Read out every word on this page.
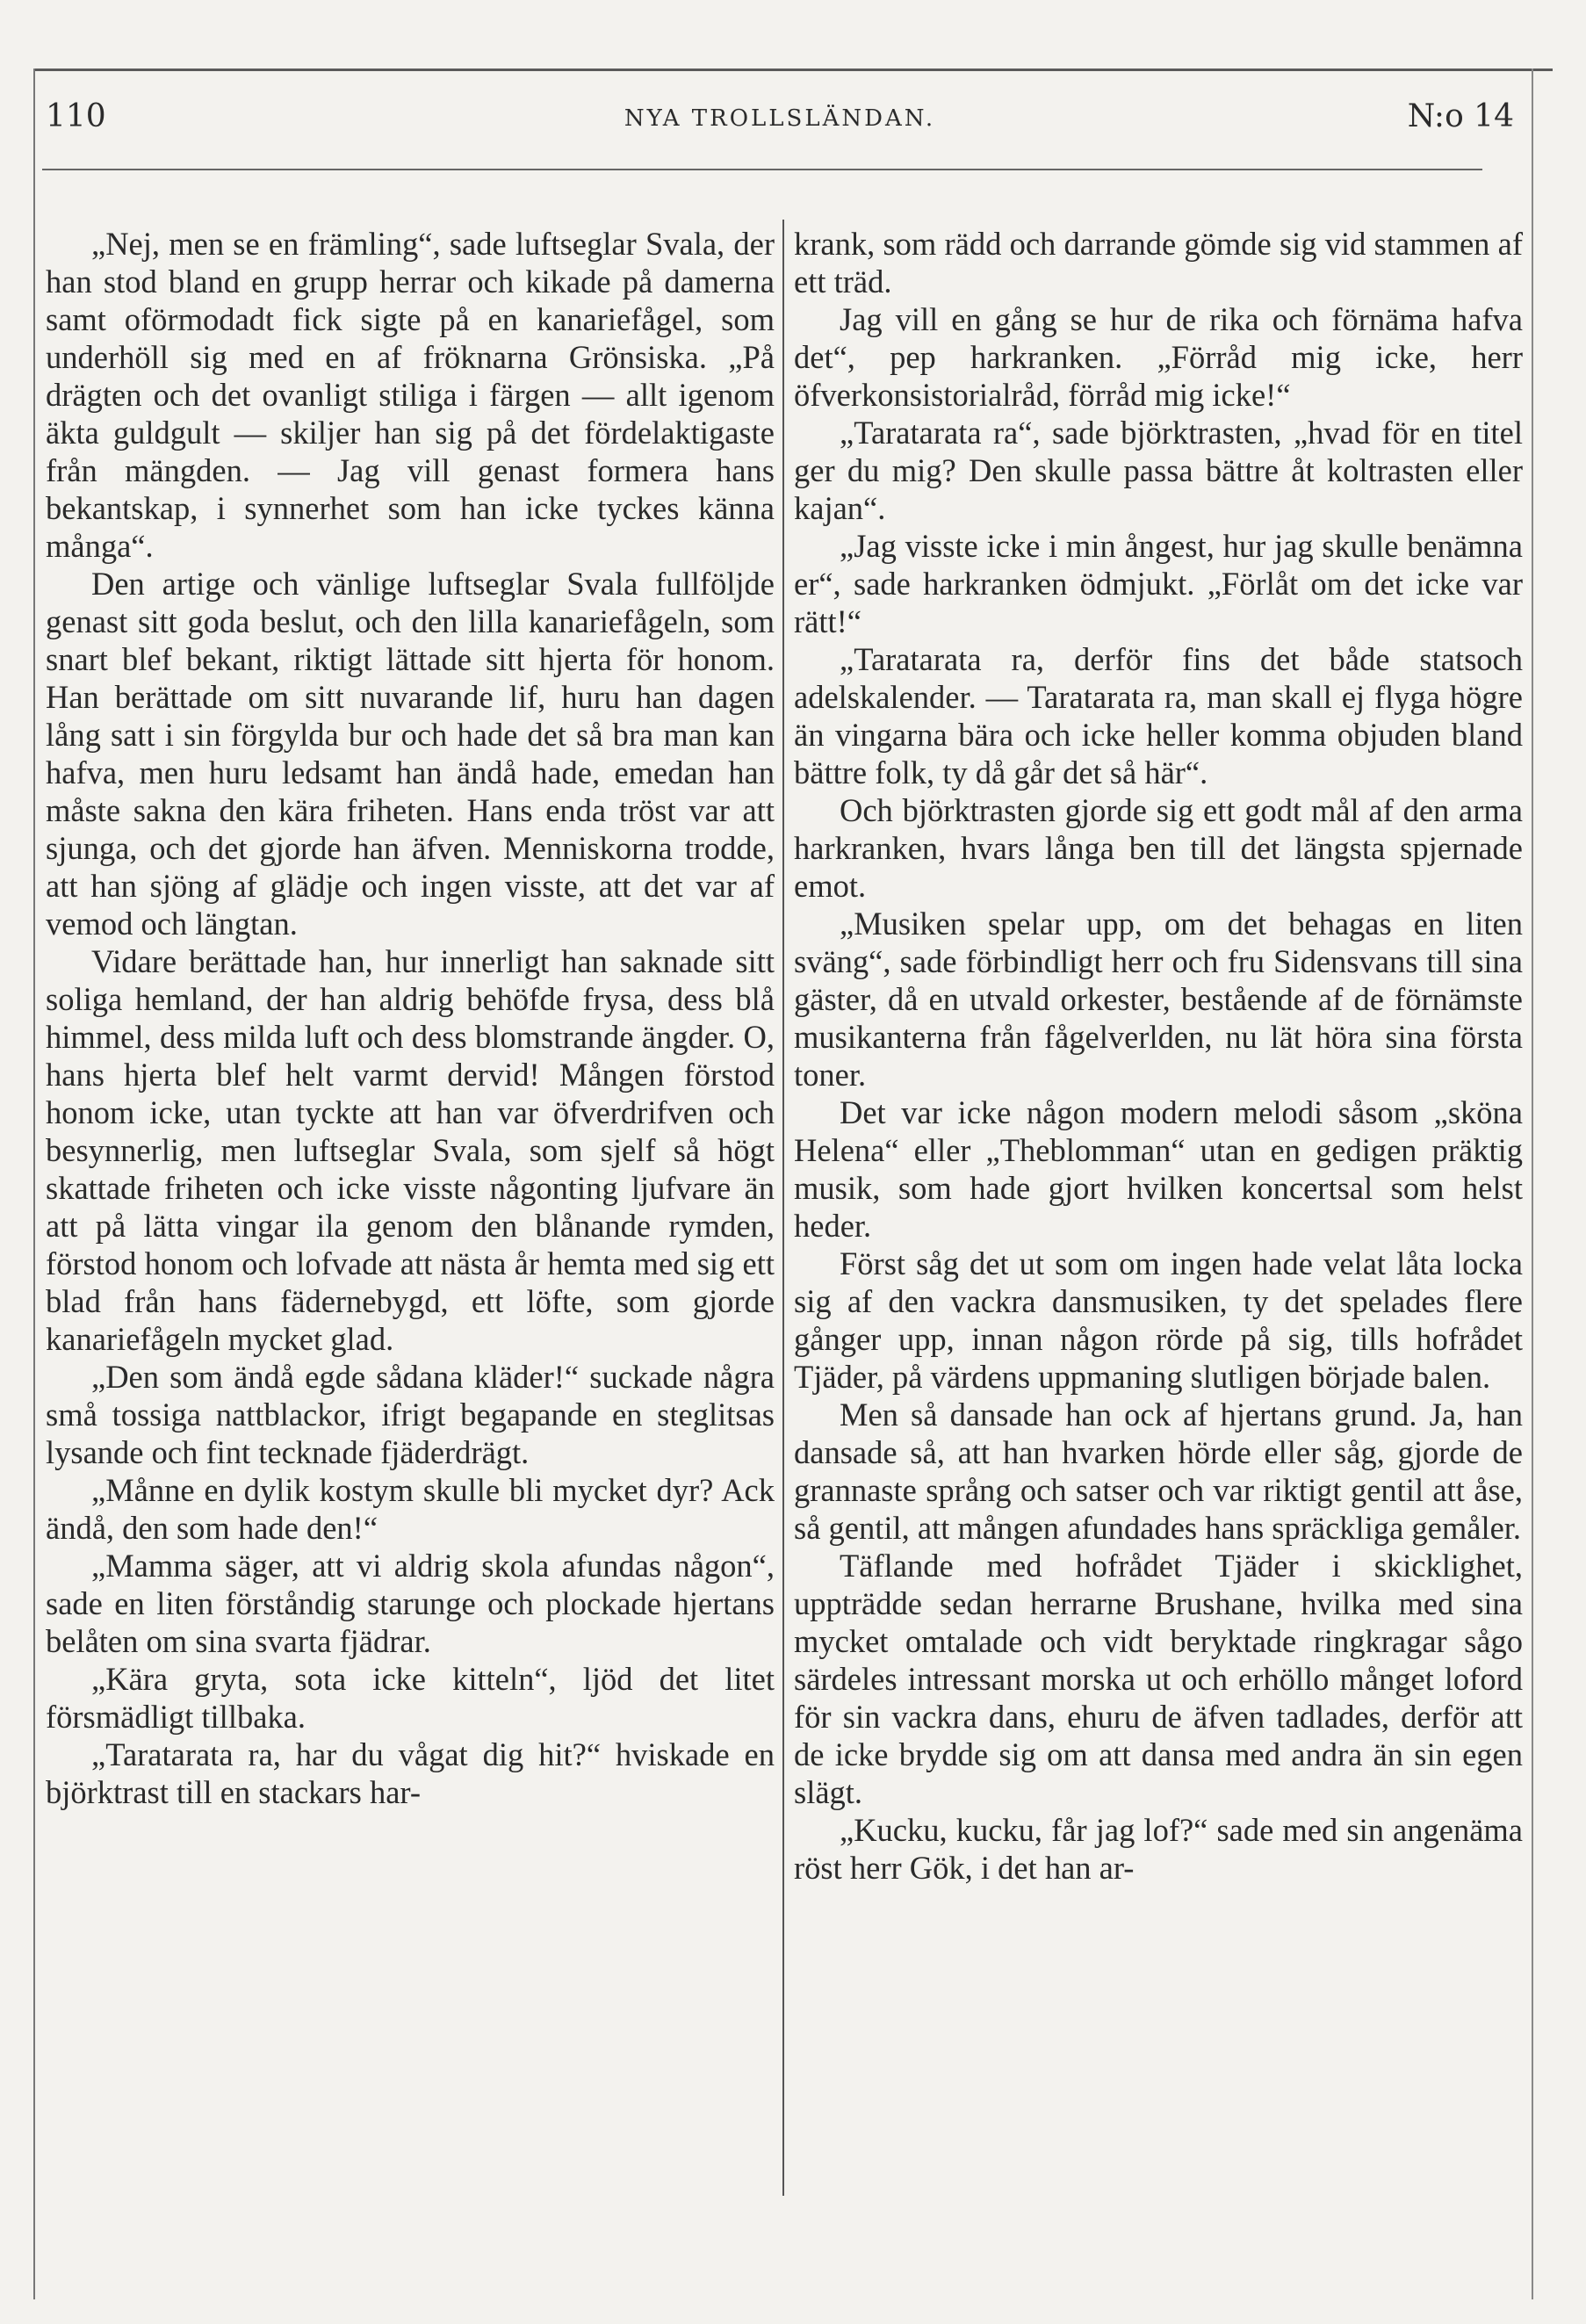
110	NYA TROLLSLÄNDAN.	N:o 14

„Nej, men se en främling“, sade luftseglar Svala, der han stod bland en grupp herrar och kikade på damerna samt oförmodadt fick sigte på en kanariefågel, som underhöll sig med en af fröknarna Grönsiska. „På drägten och det ovanligt stiliga i färgen — allt igenom äkta guldgult — skiljer han sig på det fördelaktigaste från mängden. — Jag vill genast formera hans bekantskap, i synnerhet som han icke tyckes känna många“.

Den artige och vänlige luftseglar Svala fullföljde genast sitt goda beslut, och den lilla kanariefågeln, som snart blef bekant, riktigt lättade sitt hjerta för honom. Han berättade om sitt nuvarande lif, huru han dagen lång satt i sin förgylda bur och hade det så bra man kan hafva, men huru ledsamt han ändå hade, emedan han måste sakna den kära friheten. Hans enda tröst var att sjunga, och det gjorde han äfven. Menniskorna trodde, att han sjöng af glädje och ingen visste, att det var af vemod och längtan.

Vidare berättade han, hur innerligt han saknade sitt soliga hemland, der han aldrig behöfde frysa, dess blå himmel, dess milda luft och dess blomstrande ängder. O, hans hjerta blef helt varmt dervid! Mången förstod honom icke, utan tyckte att han var öfverdrifven och besynnerlig, men luftseglar Svala, som sjelf så högt skattade friheten och icke visste någonting ljufvare än att på lätta vingar ila genom den blånande rymden, förstod honom och lofvade att nästa år hemta med sig ett blad från hans fädernebygd, ett löfte, som gjorde kanariefågeln mycket glad.

„Den som ändå egde sådana kläder!“ suckade några små tossiga nattblackor, ifrigt begapande en steglitsas lysande och fint tecknade fjäderdrägt.

„Månne en dylik kostym skulle bli mycket dyr? Ack ändå, den som hade den!“

„Mamma säger, att vi aldrig skola afundas någon“, sade en liten förståndig starunge och plockade hjertans belåten om sina svarta fjädrar.

„Kära gryta, sota icke kitteln“, ljöd det litet försmädligt tillbaka.

„Taratarata ra, har du vågat dig hit?“ hviskade en björktrast till en stackars har-

krank, som rädd och darrande gömde sig vid stammen af ett träd.

Jag vill en gång se hur de rika och förnäma hafva det“, pep harkranken. „Förråd mig icke, herr öfverkonsistorialråd, förråd mig icke!“

„Taratarata ra“, sade björktrasten, „hvad för en titel ger du mig? Den skulle passa bättre åt koltrasten eller kajan“.

„Jag visste icke i min ångest, hur jag skulle benämna er“, sade harkranken ödmjukt. „Förlåt om det icke var rätt!“

„Taratarata ra, derför fins det både statsoch adelskalender. — Taratarata ra, man skall ej flyga högre än vingarna bära och icke heller komma objuden bland bättre folk, ty då går det så här“.

Och björktrasten gjorde sig ett godt mål af den arma harkranken, hvars långa ben till det längsta spjernade emot.

„Musiken spelar upp, om det behagas en liten sväng“, sade förbindligt herr och fru Sidensvans till sina gäster, då en utvald orkester, bestående af de förnämste musikanterna från fågelverlden, nu lät höra sina första toner.

Det var icke någon modern melodi såsom „sköna Helena“ eller „Theblomman“ utan en gedigen präktig musik, som hade gjort hvilken koncertsal som helst heder.

Först såg det ut som om ingen hade velat låta locka sig af den vackra dansmusiken, ty det spelades flere gånger upp, innan någon rörde på sig, tills hofrådet Tjäder, på värdens uppmaning slutligen började balen.

Men så dansade han ock af hjertans grund. Ja, han dansade så, att han hvarken hörde eller såg, gjorde de grannaste språng och satser och var riktigt gentil att åse, så gentil, att mången afundades hans spräckliga gemåler.

Täflande med hofrådet Tjäder i skicklighet, uppträdde sedan herrarne Brushane, hvilka med sina mycket omtalade och vidt beryktade ringkragar sågo särdeles intressant morska ut och erhöllo månget loford för sin vackra dans, ehuru de äfven tadlades, derför att de icke brydde sig om att dansa med andra än sin egen slägt.

„Kucku, kucku, får jag lof?“ sade med sin angenäma röst herr Gök, i det han ar-
